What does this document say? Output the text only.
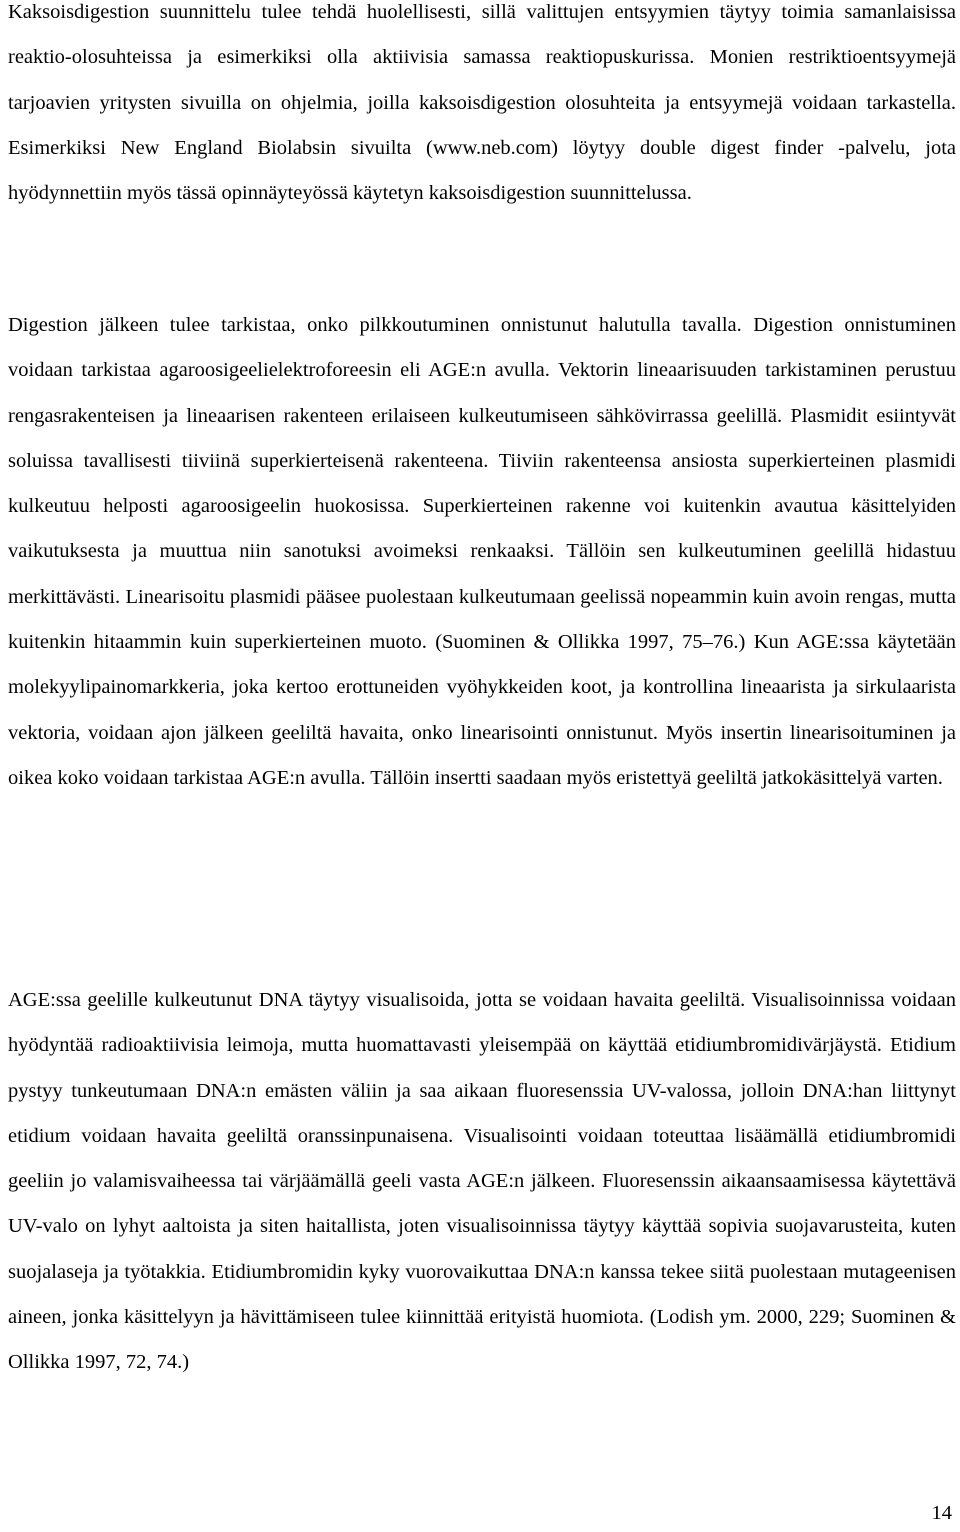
Kaksoisdigestion suunnittelu tulee tehdä huolellisesti, sillä valittujen entsyymien täytyy toimia samanlaisissa reaktio-olosuhteissa ja esimerkiksi olla aktiivisia samassa reaktiopuskurissa. Monien restriktioentsyymejä tarjoavien yritysten sivuilla on ohjelmia, joilla kaksoisdigestion olosuhteita ja entsyymejä voidaan tarkastella. Esimerkiksi New England Biolabsin sivuilta (www.neb.com) löytyy double digest finder -palvelu, jota hyödynnettiin myös tässä opinnäyteyössä käytetyn kaksoisdigestion suunnittelussa.

Digestion jälkeen tulee tarkistaa, onko pilkkoutuminen onnistunut halutulla tavalla. Digestion onnistuminen voidaan tarkistaa agaroosigeelielektroforeesin eli AGE:n avulla. Vektorin lineaarisuuden tarkistaminen perustuu rengasrakenteisen ja lineaarisen rakenteen erilaiseen kulkeutumiseen sähkövirrassa geelillä. Plasmidit esiintyvät soluissa tavallisesti tiiviinä superkierteisenä rakenteena. Tiiviin rakenteensa ansiosta superkierteinen plasmidi kulkeutuu helposti agaroosigeelin huokosissa. Superkierteinen rakenne voi kuitenkin avautua käsittelyiden vaikutuksesta ja muuttua niin sanotuksi avoimeksi renkaaksi. Tällöin sen kulkeutuminen geelillä hidastuu merkittävästi. Linearisoitu plasmidi pääsee puolestaan kulkeutumaan geelissä nopeammin kuin avoin rengas, mutta kuitenkin hitaammin kuin superkierteinen muoto. (Suominen & Ollikka 1997, 75–76.) Kun AGE:ssa käytetään molekyylipainomarkkeria, joka kertoo erottuneiden vyöhykkeiden koot, ja kontrollina lineaarista ja sirkulaarista vektoria, voidaan ajon jälkeen geeliltä havaita, onko linearisointi onnistunut. Myös insertin linearisoituminen ja oikea koko voidaan tarkistaa AGE:n avulla. Tällöin insertti saadaan myös eristettyä geeliltä jatkokäsittelyä varten.

AGE:ssa geelille kulkeutunut DNA täytyy visualisoida, jotta se voidaan havaita geeliltä. Visualisoinnissa voidaan hyödyntää radioaktiivisia leimoja, mutta huomattavasti yleisempää on käyttää etidiumbromidivärjäystä. Etidium pystyy tunkeutumaan DNA:n emästen väliin ja saa aikaan fluoresenssia UV-valossa, jolloin DNA:han liittynyt etidium voidaan havaita geeliltä oranssinpunaisena. Visualisointi voidaan toteuttaa lisäämällä etidiumbromidi geeliin jo valamisvaiheessa tai värjäämällä geeli vasta AGE:n jälkeen. Fluoresenssin aikaansaamisessa käytettävä UV-valo on lyhyt aaltoista ja siten haitallista, joten visualisoinnissa täytyy käyttää sopivia suojavarusteita, kuten suojalaseja ja työtakkia. Etidiumbromidin kyky vuorovaikuttaa DNA:n kanssa tekee siitä puolestaan mutageenisen aineen, jonka käsittelyyn ja hävittämiseen tulee kiinnittää erityistä huomiota. (Lodish ym. 2000, 229; Suominen & Ollikka 1997, 72, 74.)

14
